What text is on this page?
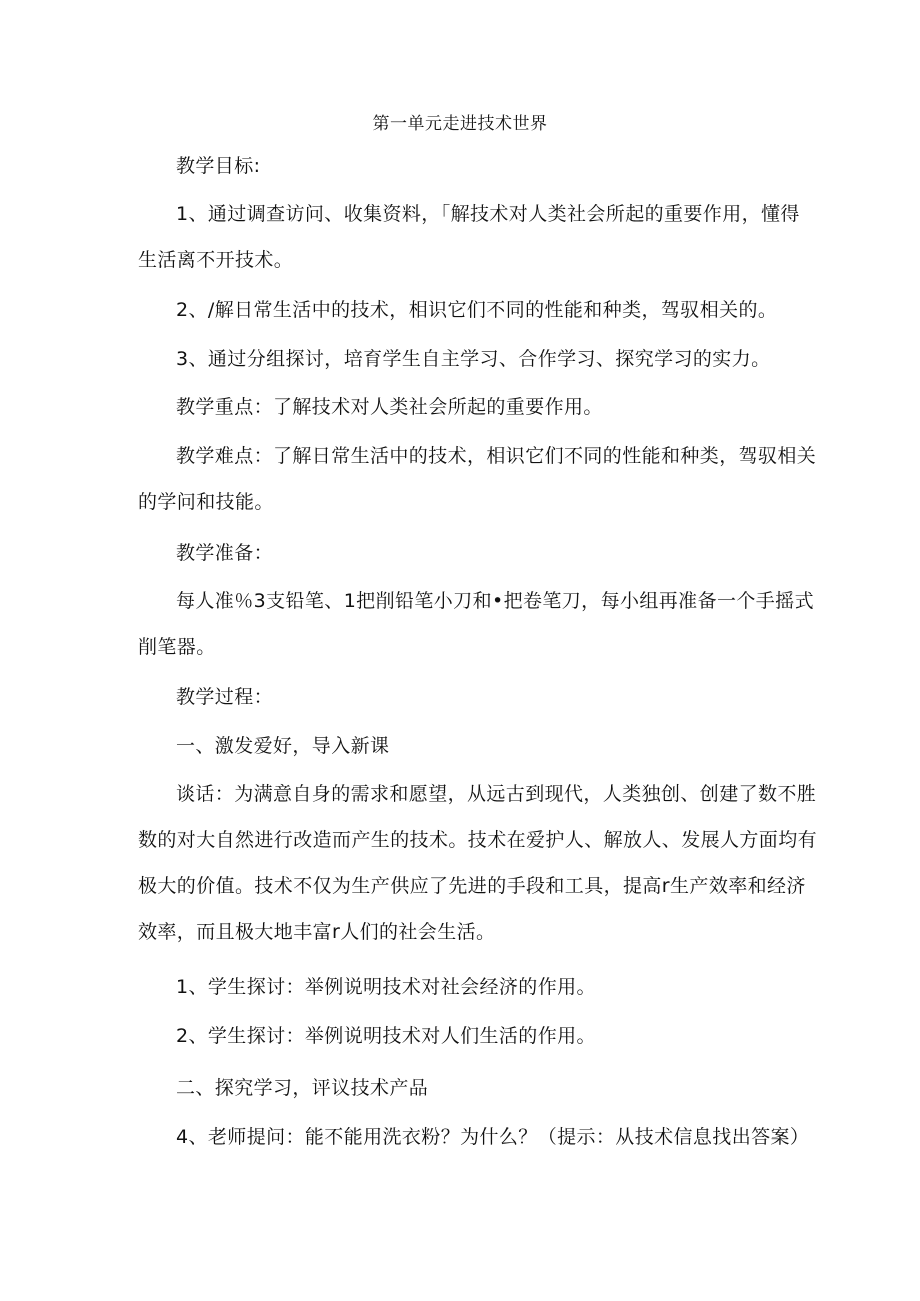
第一单元走进技术世界

教学目标:

1、通过调查访问、收集资料，「解技术对人类社会所起的重要作用，懂得
生活离不开技术。

2、/解日常生活中的技术，相识它们不同的性能和种类，驾驭相关的。

3、通过分组探讨，培育学生自主学习、合作学习、探究学习的实力。

教学重点：了解技术对人类社会所起的重要作用。

教学难点：了解日常生活中的技术，相识它们不同的性能和种类，驾驭相关
的学问和技能。

教学准备：

每人准％3支铅笔、1把削铅笔小刀和•把卷笔刀，每小组再准备一个手摇式
削笔器。

教学过程：

一、激发爱好，导入新课

谈话：为满意自身的需求和愿望，从远古到现代，人类独创、创建了数不胜
数的对大自然进行改造而产生的技术。技术在爱护人、解放人、发展人方面均有
极大的价值。技术不仅为生产供应了先进的手段和工具，提高r生产效率和经济
效率，而且极大地丰富r人们的社会生活。

1、学生探讨：举例说明技术对社会经济的作用。

2、学生探讨：举例说明技术对人们生活的作用。

二、探究学习，评议技术产品

4、老师提问：能不能用洗衣粉？为什么？（提示：从技术信息找出答案）
